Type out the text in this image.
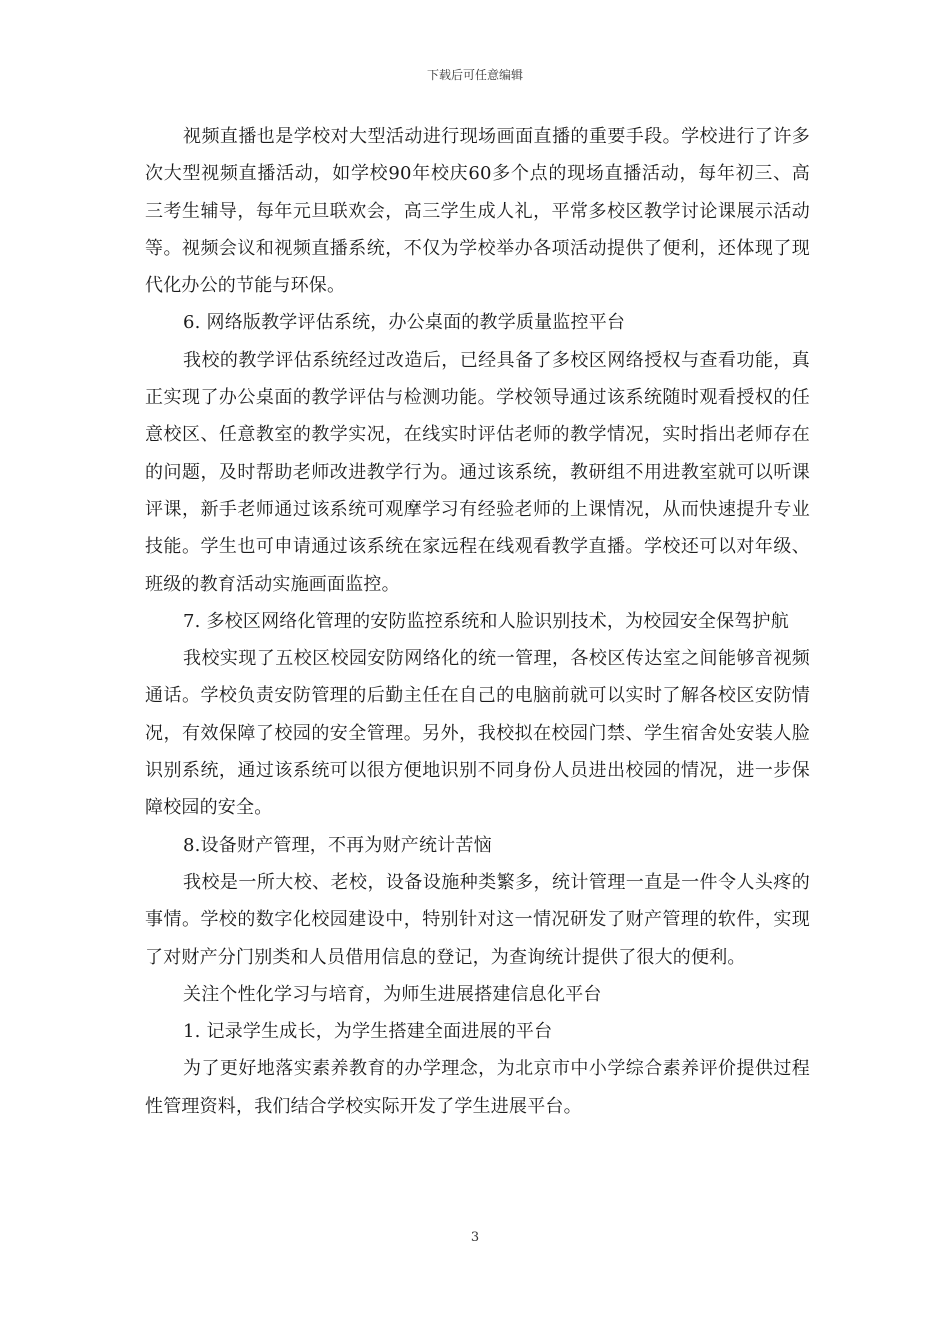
下载后可任意编辑

视频直播也是学校对大型活动进行现场画面直播的重要手段。学校进行了许多次大型视频直播活动，如学校90年校庆60多个点的现场直播活动，每年初三、高三考生辅导，每年元旦联欢会，高三学生成人礼，平常多校区教学讨论课展示活动等。视频会议和视频直播系统，不仅为学校举办各项活动提供了便利，还体现了现代化办公的节能与环保。

6. 网络版教学评估系统，办公桌面的教学质量监控平台

我校的教学评估系统经过改造后，已经具备了多校区网络授权与查看功能，真正实现了办公桌面的教学评估与检测功能。学校领导通过该系统随时观看授权的任意校区、任意教室的教学实况，在线实时评估老师的教学情况，实时指出老师存在的问题，及时帮助老师改进教学行为。通过该系统，教研组不用进教室就可以听课评课，新手老师通过该系统可观摩学习有经验老师的上课情况，从而快速提升专业技能。学生也可申请通过该系统在家远程在线观看教学直播。学校还可以对年级、班级的教育活动实施画面监控。

7. 多校区网络化管理的安防监控系统和人脸识别技术，为校园安全保驾护航

我校实现了五校区校园安防网络化的统一管理，各校区传达室之间能够音视频通话。学校负责安防管理的后勤主任在自己的电脑前就可以实时了解各校区安防情况，有效保障了校园的安全管理。另外，我校拟在校园门禁、学生宿舍处安装人脸识别系统，通过该系统可以很方便地识别不同身份人员进出校园的情况，进一步保障校园的安全。

8.设备财产管理，不再为财产统计苦恼

我校是一所大校、老校，设备设施种类繁多，统计管理一直是一件令人头疼的事情。学校的数字化校园建设中，特别针对这一情况研发了财产管理的软件，实现了对财产分门别类和人员借用信息的登记，为查询统计提供了很大的便利。

关注个性化学习与培育，为师生进展搭建信息化平台

1. 记录学生成长，为学生搭建全面进展的平台

为了更好地落实素养教育的办学理念，为北京市中小学综合素养评价提供过程性管理资料，我们结合学校实际开发了学生进展平台。

3
